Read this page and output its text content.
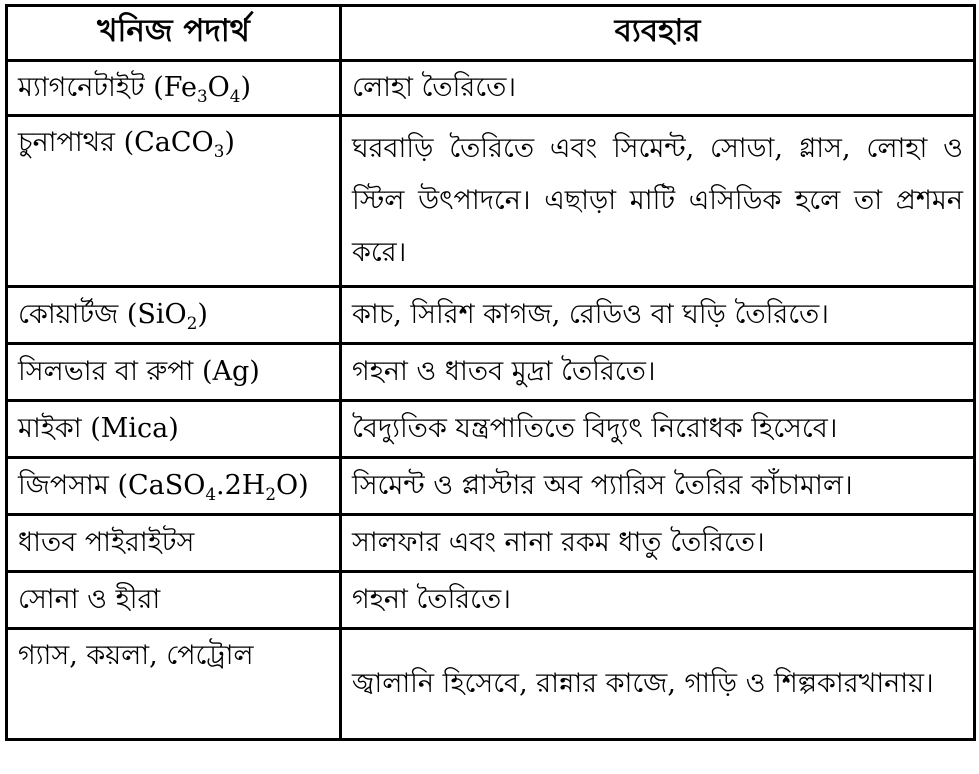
খনিজ পদার্থ	ব্যবহার
ম্যাগনেটাইট $(Fe_3O_4)$	লোহা তৈরিতে।
চুনাপাথর (CaCO$_3$)	ঘরবাড়ি তৈরিতে এবং সিমেন্ট, সোডা, গ্লাস, লোহা ও স্টিল উৎপাদনে। এছাড়া মাটি এসিডিক হলে তা প্রশমন করে।
কোয়ার্টজ (SiO$_2$)	কাচ, সিরিশ কাগজ, রেডিও বা ঘড়ি তৈরিতে।
সিলভার বা রুপা (Ag)	গহনা ও ধাতব মুদ্রা তৈরিতে।
মাইকা (Mica)	বৈদ্যুতিক যন্ত্রপাতিতে বিদ্যুৎ নিরোধক হিসেবে।
জিপসাম $(CaSO_4.2H_2O)$	সিমেন্ট ও প্লাস্টার অব প্যারিস তৈরির কাঁচামাল।
ধাতব পাইরাইটস	সালফার এবং নানা রকম ধাতু তৈরিতে।
সোনা ও হীরা	গহনা তৈরিতে।
গ্যাস, কয়লা, পেট্রোল	জ্বালানি হিসেবে, রান্নার কাজে, গাড়ি ও শিল্পকারখানায়।
